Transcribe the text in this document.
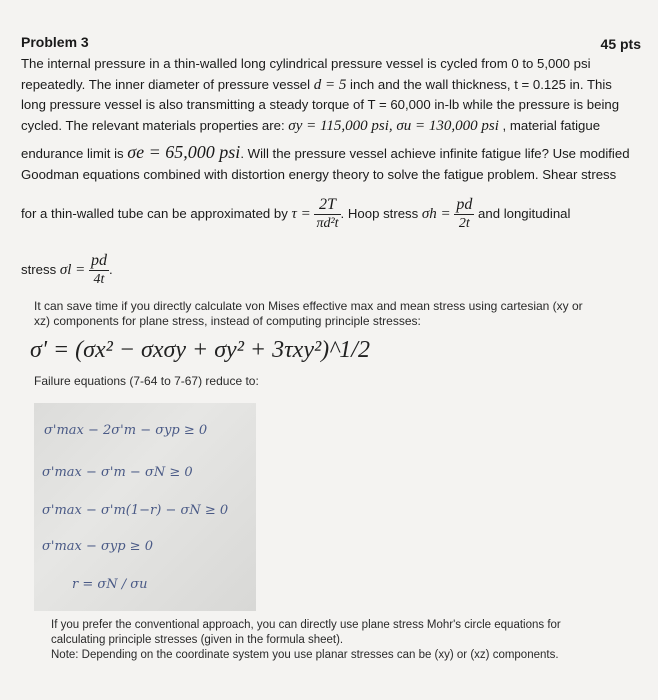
Problem 3	45 pts
The internal pressure in a thin-walled long cylindrical pressure vessel is cycled from 0 to 5,000 psi
repeatedly. The inner diameter of pressure vessel d = 5 inch and the wall thickness, t = 0.125 in. This
long pressure vessel is also transmitting a steady torque of T = 60,000 in-lb while the pressure is being
cycled. The relevant materials properties are: σy = 115,000 psi, σu = 130,000 psi , material fatigue
endurance limit is σe = 65,000 psi. Will the pressure vessel achieve infinite fatigue life? Use modified
Goodman equations combined with distortion energy theory to solve the fatigue problem. Shear stress
for a thin-walled tube can be approximated by $\tau = \frac{2T}{\text{πd²t}}$ . Hoop stress $\sigma h = \frac{pd}{2t}$ and longitudinal
stress $\sigma l = \frac{pd}{4t}$ .
It can save time if you directly calculate von Mises effective max and mean stress using cartesian (xy or
xz) components for plane stress, instead of computing principle stresses:
σ' = (σx² − σxσy + σy² + 3τxy²)^1/2
Failure equations (7-64 to 7-67) reduce to:
σ'max − 2σ'm − σyp ≥ 0
σ'max − σ'm − σN ≥ 0
σ'max − σ'm(1−r) − σN ≥ 0
σ'max − σyp ≥ 0
r = σN / σu
If you prefer the conventional approach, you can directly use plane stress Mohr's circle equations for
calculating principle stresses (given in the formula sheet).
Note: Depending on the coordinate system you use planar stresses can be (xy) or (xz) components.
